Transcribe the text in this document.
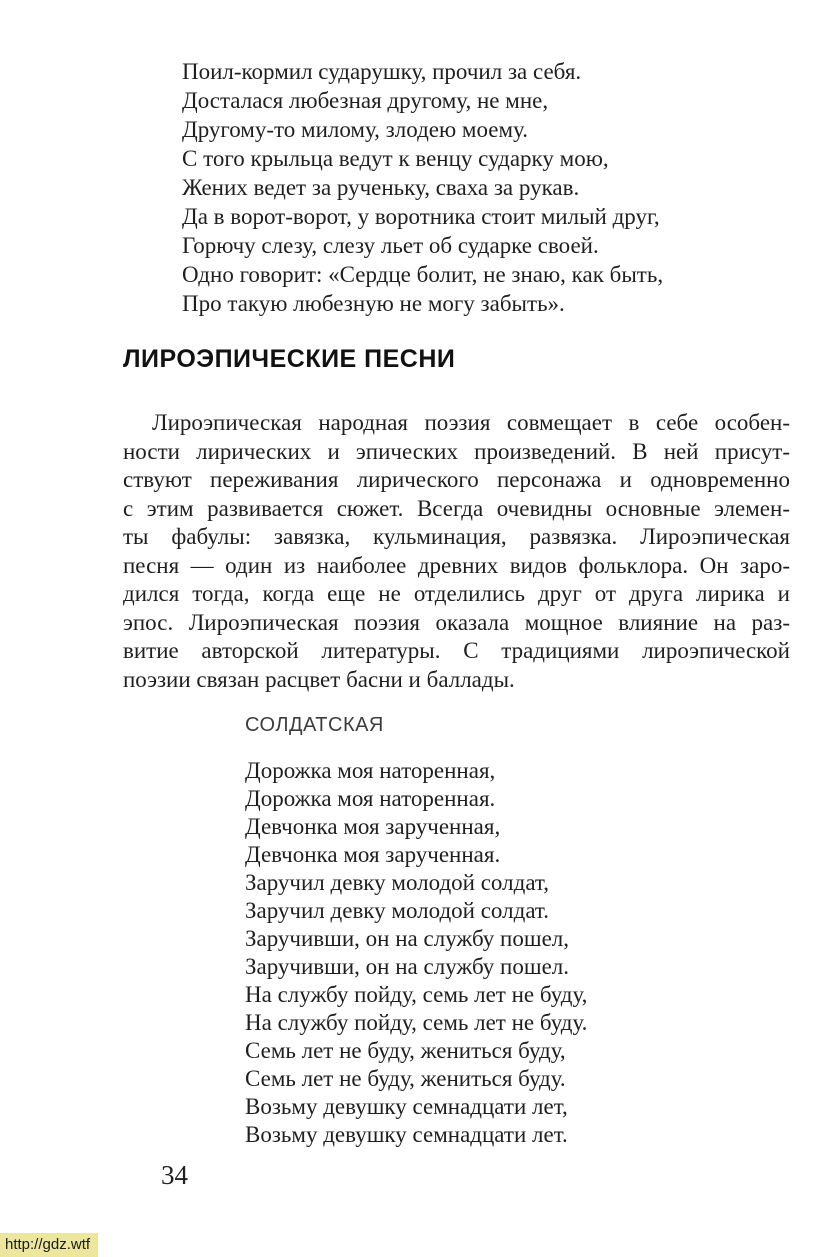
Поил-кормил сударушку, прочил за себя.
Досталася любезная другому, не мне,
Другому-то милому, злодею моему.
С того крыльца ведут к венцу сударку мою,
Жених ведет за рученьку, сваха за рукав.
Да в ворот-ворот, у воротника стоит милый друг,
Горючу слезу, слезу льет об сударке своей.
Одно говорит: «Сердце болит, не знаю, как быть,
Про такую любезную не могу забыть».
ЛИРОЭПИЧЕСКИЕ ПЕСНИ
Лироэпическая народная поэзия совмещает в себе особен-
ности лирических и эпических произведений. В ней присут-
ствуют переживания лирического персонажа и одновременно
с этим развивается сюжет. Всегда очевидны основные элемен-
ты фабулы: завязка, кульминация, развязка. Лироэпическая
песня — один из наиболее древних видов фольклора. Он заро-
дился тогда, когда еще не отделились друг от друга лирика и
эпос. Лироэпическая поэзия оказала мощное влияние на раз-
витие авторской литературы. С традициями лироэпической
поэзии связан расцвет басни и баллады.
СОЛДАТСКАЯ
Дорожка моя наторенная,
Дорожка моя наторенная.
Девчонка моя зарученная,
Девчонка моя зарученная.
Заручил девку молодой солдат,
Заручил девку молодой солдат.
Заручивши, он на службу пошел,
Заручивши, он на службу пошел.
На службу пойду, семь лет не буду,
На службу пойду, семь лет не буду.
Семь лет не буду, жениться буду,
Семь лет не буду, жениться буду.
Возьму девушку семнадцати лет,
Возьму девушку семнадцати лет.
34
http://gdz.wtf
